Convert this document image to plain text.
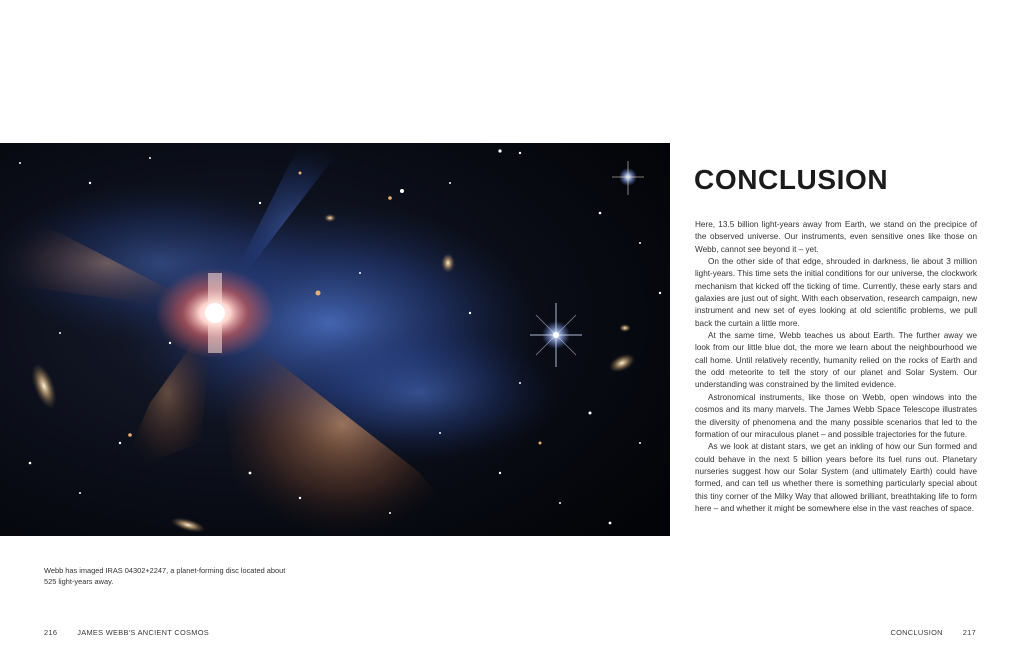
Webb has imaged IRAS 04302+2247, a planet-forming disc located about 525 light-years away.
216	JAMES WEBB'S ANCIENT COSMOS
CONCLUSION

Here, 13.5 billion light-years away from Earth, we stand on the precipice of the observed universe. Our instruments, even sensitive ones like those on Webb, cannot see beyond it – yet.

On the other side of that edge, shrouded in darkness, lie about 3 million light-years. This time sets the initial conditions for our universe, the clockwork mechanism that kicked off the ticking of time. Currently, these early stars and galaxies are just out of sight. With each observation, research campaign, new instrument and new set of eyes looking at old scientific problems, we pull back the curtain a little more.

At the same time, Webb teaches us about Earth. The further away we look from our little blue dot, the more we learn about the neighbourhood we call home. Until relatively recently, humanity relied on the rocks of Earth and the odd meteorite to tell the story of our planet and Solar System. Our understanding was constrained by the limited evidence.

Astronomical instruments, like those on Webb, open windows into the cosmos and its many marvels. The James Webb Space Telescope illustrates the diversity of phenomena and the many possible scenarios that led to the formation of our miraculous planet – and possible trajectories for the future.

As we look at distant stars, we get an inkling of how our Sun formed and could behave in the next 5 billion years before its fuel runs out. Planetary nurseries suggest how our Solar System (and ultimately Earth) could have formed, and can tell us whether there is something particularly special about this tiny corner of the Milky Way that allowed brilliant, breathtaking life to form here – and whether it might be somewhere else in the vast reaches of space.

CONCLUSION	217
